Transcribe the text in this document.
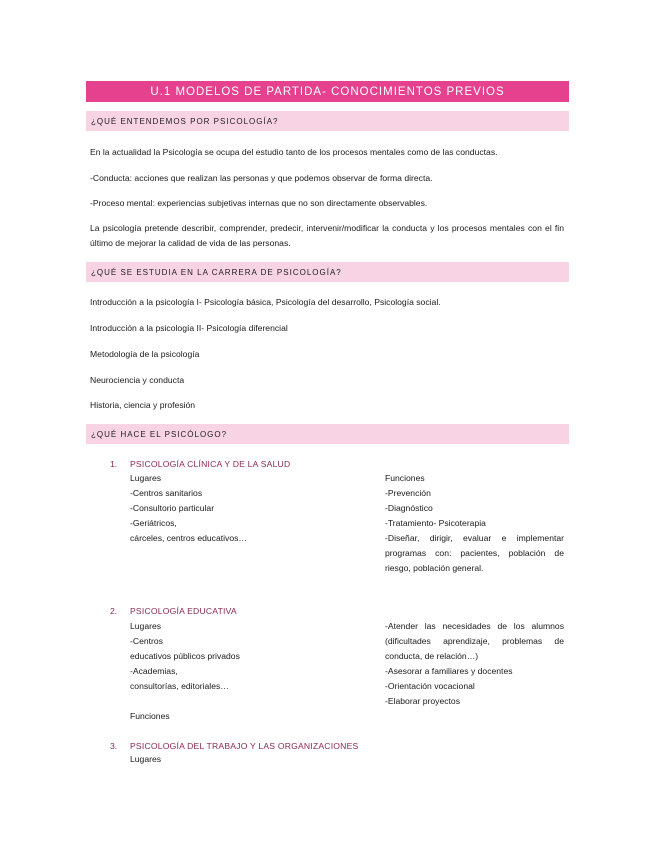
U.1 MODELOS DE PARTIDA- CONOCIMIENTOS PREVIOS
¿QUÉ ENTENDEMOS POR PSICOLOGÍA?
En la actualidad la Psicología se ocupa del estudio tanto de los procesos mentales como de las conductas.
-Conducta: acciones que realizan las personas y que podemos observar de forma directa.
-Proceso mental: experiencias subjetivas internas que no son directamente observables.
La psicología pretende describir, comprender, predecir, intervenir/modificar la conducta y los procesos mentales con el fin último de mejorar la calidad de vida de las personas.
¿QUÉ SE ESTUDIA EN LA CARRERA DE PSICOLOGÍA?
Introducción a la psicología I- Psicología básica, Psicología del desarrollo, Psicología social.
Introducción a la psicología II- Psicología diferencial
Metodología de la psicología
Neurociencia y conducta
Historia, ciencia y profesión
¿QUÉ HACE EL PSICÓLOGO?
1. PSICOLOGÍA CLÍNICA Y DE LA SALUD
Lugares
-Centros sanitarios
-Consultorio particular
-Geriátricos,
cárceles, centros educativos…
Funciones
-Prevención
-Diagnóstico
-Tratamiento- Psicoterapia
-Diseñar, dirigir, evaluar e implementar programas con: pacientes, población de riesgo, población general.
2. PSICOLOGÍA EDUCATIVA
Lugares
-Centros
educativos públicos privados
-Academias,
consultorías, editoriales…
Funciones
-Atender las necesidades de los alumnos (dificultades aprendizaje, problemas de conducta, de relación…)
-Asesorar a familiares y docentes
-Orientación vocacional
-Elaborar proyectos
3. PSICOLOGÍA DEL TRABAJO Y LAS ORGANIZACIONES
Lugares
